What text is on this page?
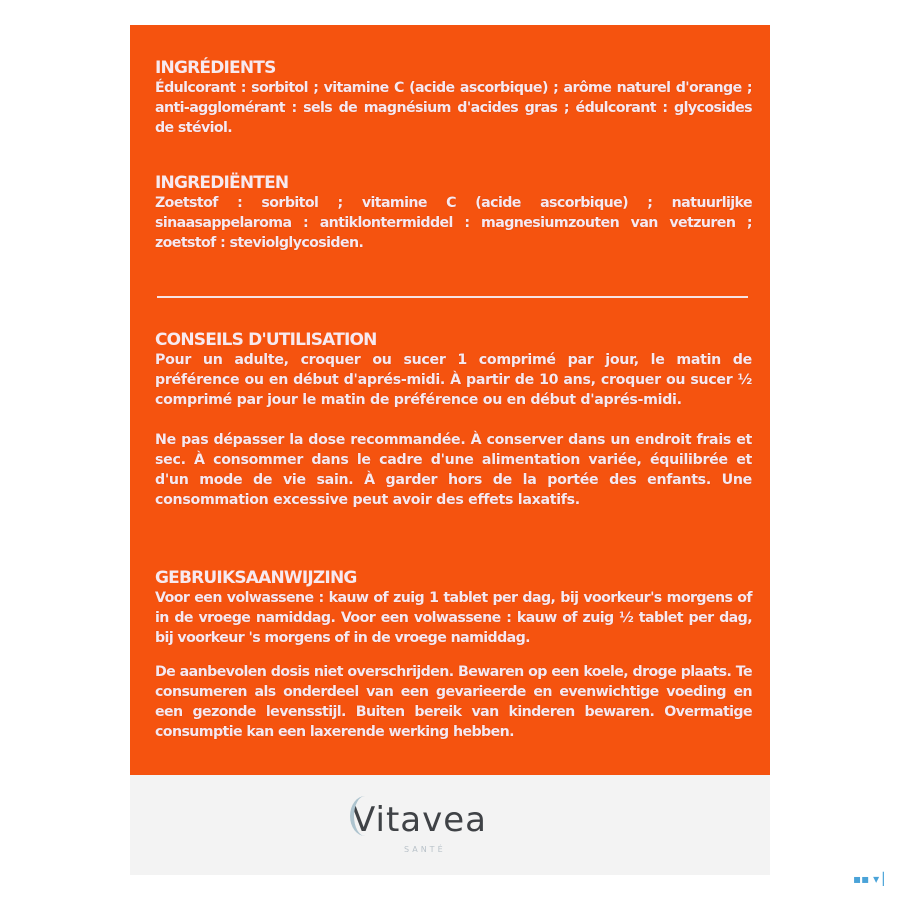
INGRÉDIENTS
Édulcorant : sorbitol ; vitamine C (acide ascorbique) ; arôme naturel d'orange ; anti-agglomérant : sels de magnésium d'acides gras ; édulcorant : glycosides de stéviol.
INGREDIËNTEN
Zoetstof : sorbitol ; vitamine C (acide ascorbique) ; natuurlijke sinaasappelaroma : antiklontermiddel : magnesiumzouten van vetzuren ; zoetstof : steviolglycosiden.
CONSEILS D'UTILISATION
Pour un adulte, croquer ou sucer 1 comprimé par jour, le matin de préférence ou en début d'aprés-midi. À partir de 10 ans, croquer ou sucer ½ comprimé par jour le matin de préférence ou en début d'aprés-midi.
Ne pas dépasser la dose recommandée. À conserver dans un endroit frais et sec. À consommer dans le cadre d'une alimentation variée, équilibrée et d'un mode de vie sain. À garder hors de la portée des enfants. Une consommation excessive peut avoir des effets laxatifs.
GEBRUIKSAANWIJZING
Voor een volwassene : kauw of zuig 1 tablet per dag, bij voorkeur's morgens of in de vroege namiddag. Voor een volwassene : kauw of zuig ½ tablet per dag, bij voorkeur 's morgens of in de vroege namiddag.
De aanbevolen dosis niet overschrijden. Bewaren op een koele, droge plaats. Te consumeren als onderdeel van een gevarieerde en evenwichtige voeding en een gezonde levensstijl. Buiten bereik van kinderen bewaren. Overmatige consumptie kan een laxerende werking hebben.
Vitavea
SANTÉ
▪▪ ▾ ▏
